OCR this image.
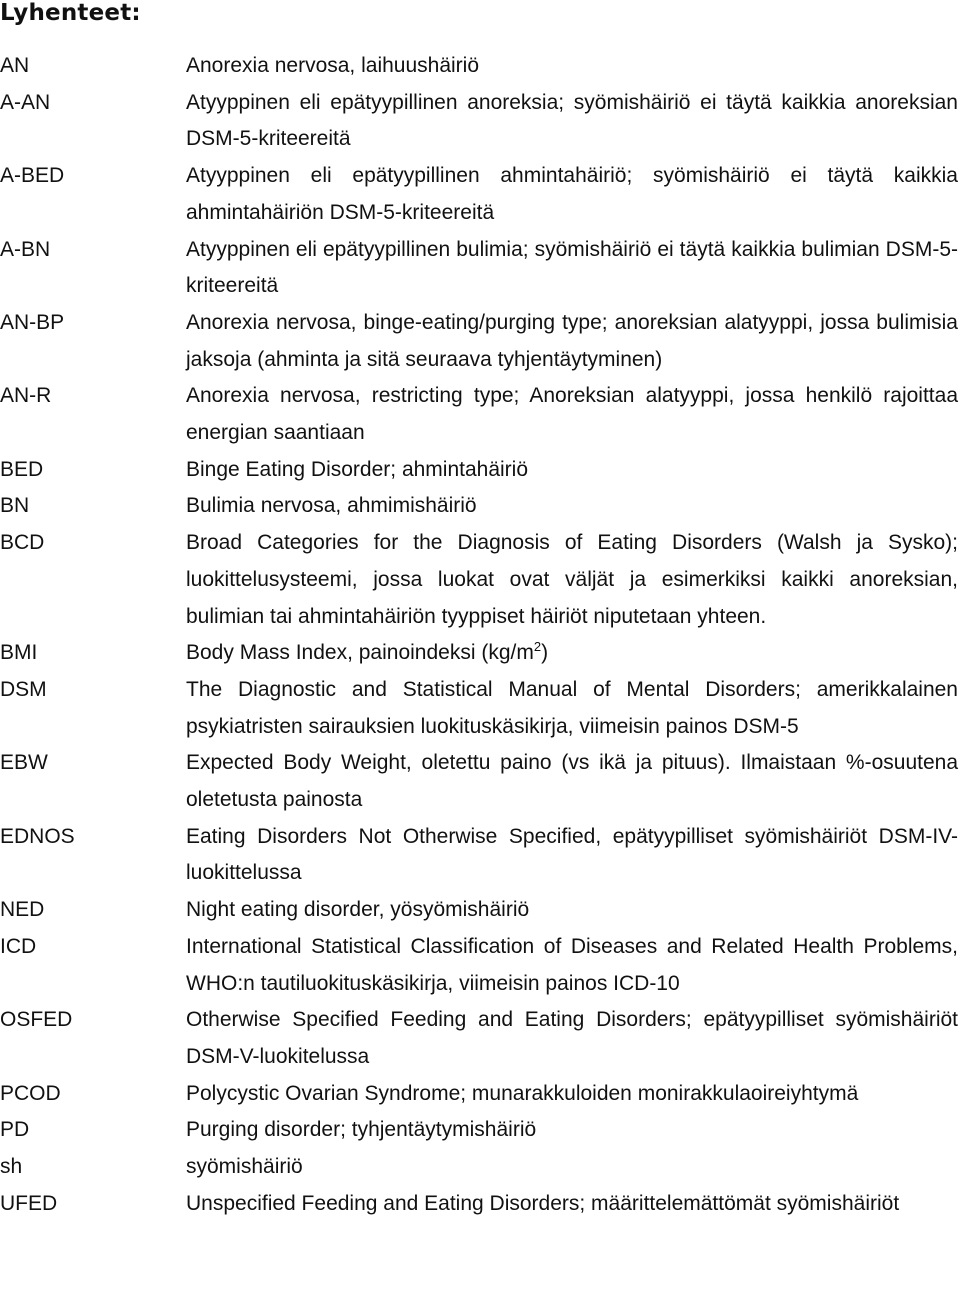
Lyhenteet:
AN	Anorexia nervosa, laihuushäiriö
A-AN	Atyyppinen eli epätyypillinen anoreksia; syömishäiriö ei täytä kaikkia anoreksian DSM-5-kriteereitä
A-BED	Atyyppinen eli epätyypillinen ahmintahäiriö; syömishäiriö ei täytä kaikkia ahmintahäiriön DSM-5-kriteereitä
A-BN	Atyyppinen eli epätyypillinen bulimia; syömishäiriö ei täytä kaikkia bulimian DSM-5-kriteereitä
AN-BP	Anorexia nervosa, binge-eating/purging type; anoreksian alatyyppi, jossa bulimisia jaksoja (ahminta ja sitä seuraava tyhjentäytyminen)
AN-R	Anorexia nervosa, restricting type; Anoreksian alatyyppi, jossa henkilö rajoittaa energian saantiaan
BED	Binge Eating Disorder; ahmintahäiriö
BN	Bulimia nervosa, ahmimishäiriö
BCD	Broad Categories for the Diagnosis of Eating Disorders (Walsh ja Sysko); luokittelusysteemi, jossa luokat ovat väljät ja esimerkiksi kaikki anoreksian, bulimian tai ahmintahäiriön tyyppiset häiriöt niputetaan yhteen.
BMI	Body Mass Index, painoindeksi $(kg/m^2)$
DSM	The Diagnostic and Statistical Manual of Mental Disorders; amerikkalainen psykiatristen sairauksien luokituskäsikirja, viimeisin painos DSM-5
EBW	Expected Body Weight, oletettu paino (vs ikä ja pituus). Ilmaistaan %-osuutena oletetusta painosta
EDNOS	Eating Disorders Not Otherwise Specified, epätyypilliset syömishäiriöt DSM-IV-luokittelussa
NED	Night eating disorder, yösyömishäiriö
ICD	International Statistical Classification of Diseases and Related Health Problems, WHO:n tautiluokituskäsikirja, viimeisin painos ICD-10
OSFED	Otherwise Specified Feeding and Eating Disorders; epätyypilliset syömishäiriöt DSM-V-luokitelussa
PCOD	Polycystic Ovarian Syndrome; munarakkuloiden monirakkulaoireiyhtymä
PD	Purging disorder; tyhjentäytymishäiriö
sh	syömishäiriö
UFED	Unspecified Feeding and Eating Disorders; määrittelemättömät syömishäiriöt
